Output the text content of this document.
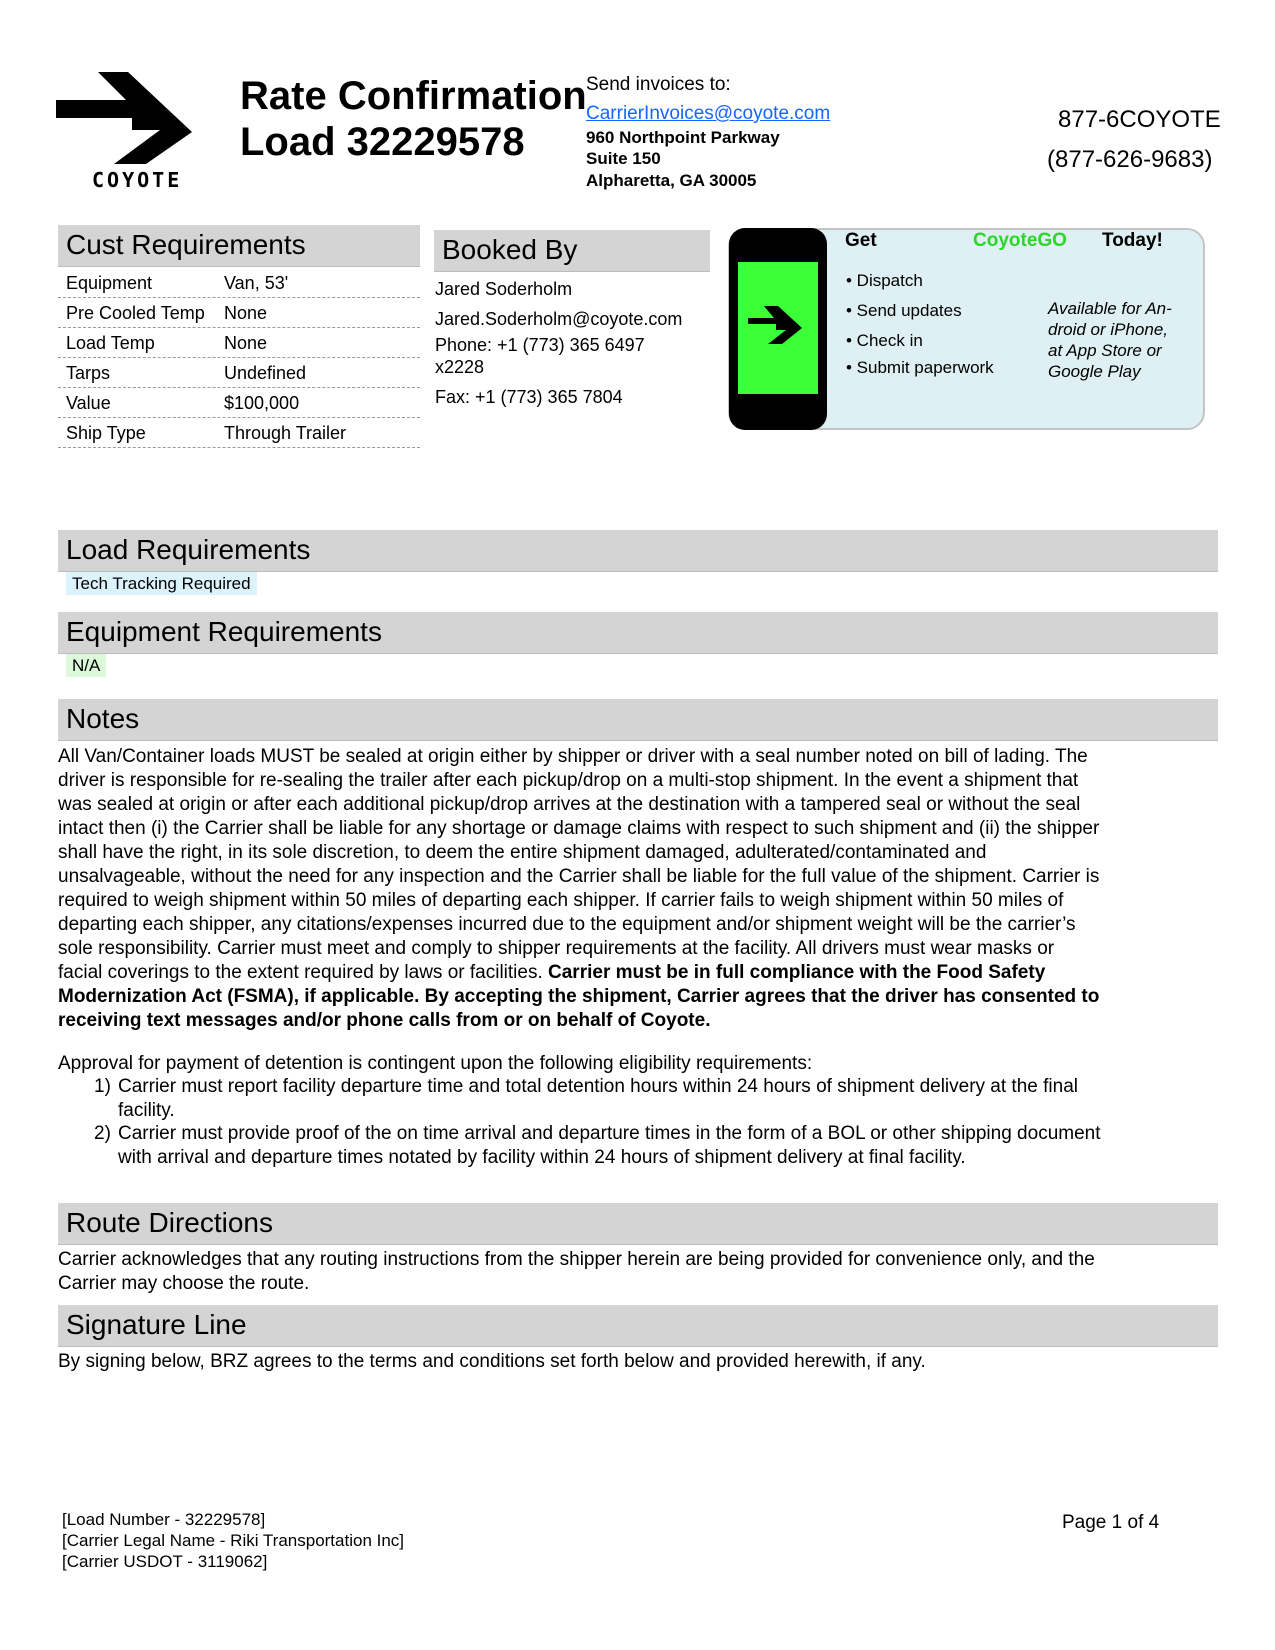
COYOTE
Rate Confirmation
Load 32229578
Send invoices to:
CarrierInvoices@coyote.com
960 Northpoint Parkway
Suite 150
Alpharetta, GA 30005
877-6COYOTE
(877-626-9683)
Cust Requirements
Equipment	Van, 53'
Pre Cooled Temp	None
Load Temp	None
Tarps	Undefined
Value	$100,000
Ship Type	Through Trailer
Booked By
Jared Soderholm
Jared.Soderholm@coyote.com
Phone: +1 (773) 365 6497
x2228
Fax: +1 (773) 365 7804
Get	CoyoteGO Today!
• Dispatch
• Send updates
• Check in
• Submit paperwork
Available for An-
droid or iPhone,
at App Store or
Google Play
Load Requirements
Tech Tracking Required
Equipment Requirements
N/A
Notes
All Van/Container loads MUST be sealed at origin either by shipper or driver with a seal number noted on bill of lading. The
driver is responsible for re-sealing the trailer after each pickup/drop on a multi-stop shipment. In the event a shipment that
was sealed at origin or after each additional pickup/drop arrives at the destination with a tampered seal or without the seal
intact then (i) the Carrier shall be liable for any shortage or damage claims with respect to such shipment and (ii) the shipper
shall have the right, in its sole discretion, to deem the entire shipment damaged, adulterated/contaminated and
unsalvageable, without the need for any inspection and the Carrier shall be liable for the full value of the shipment. Carrier is
required to weigh shipment within 50 miles of departing each shipper. If carrier fails to weigh shipment within 50 miles of
departing each shipper, any citations/expenses incurred due to the equipment and/or shipment weight will be the carrier’s
sole responsibility. Carrier must meet and comply to shipper requirements at the facility. All drivers must wear masks or
facial coverings to the extent required by laws or facilities. Carrier must be in full compliance with the Food Safety
Modernization Act (FSMA), if applicable. By accepting the shipment, Carrier agrees that the driver has consented to
receiving text messages and/or phone calls from or on behalf of Coyote.
Approval for payment of detention is contingent upon the following eligibility requirements:
1) Carrier must report facility departure time and total detention hours within 24 hours of shipment delivery at the final
facility.
2) Carrier must provide proof of the on time arrival and departure times in the form of a BOL or other shipping document
with arrival and departure times notated by facility within 24 hours of shipment delivery at final facility.
Route Directions
Carrier acknowledges that any routing instructions from the shipper herein are being provided for convenience only, and the
Carrier may choose the route.
Signature Line
By signing below, BRZ agrees to the terms and conditions set forth below and provided herewith, if any.
[Load Number - 32229578]
[Carrier Legal Name - Riki Transportation Inc]
[Carrier USDOT - 3119062]
Page 1 of 4
